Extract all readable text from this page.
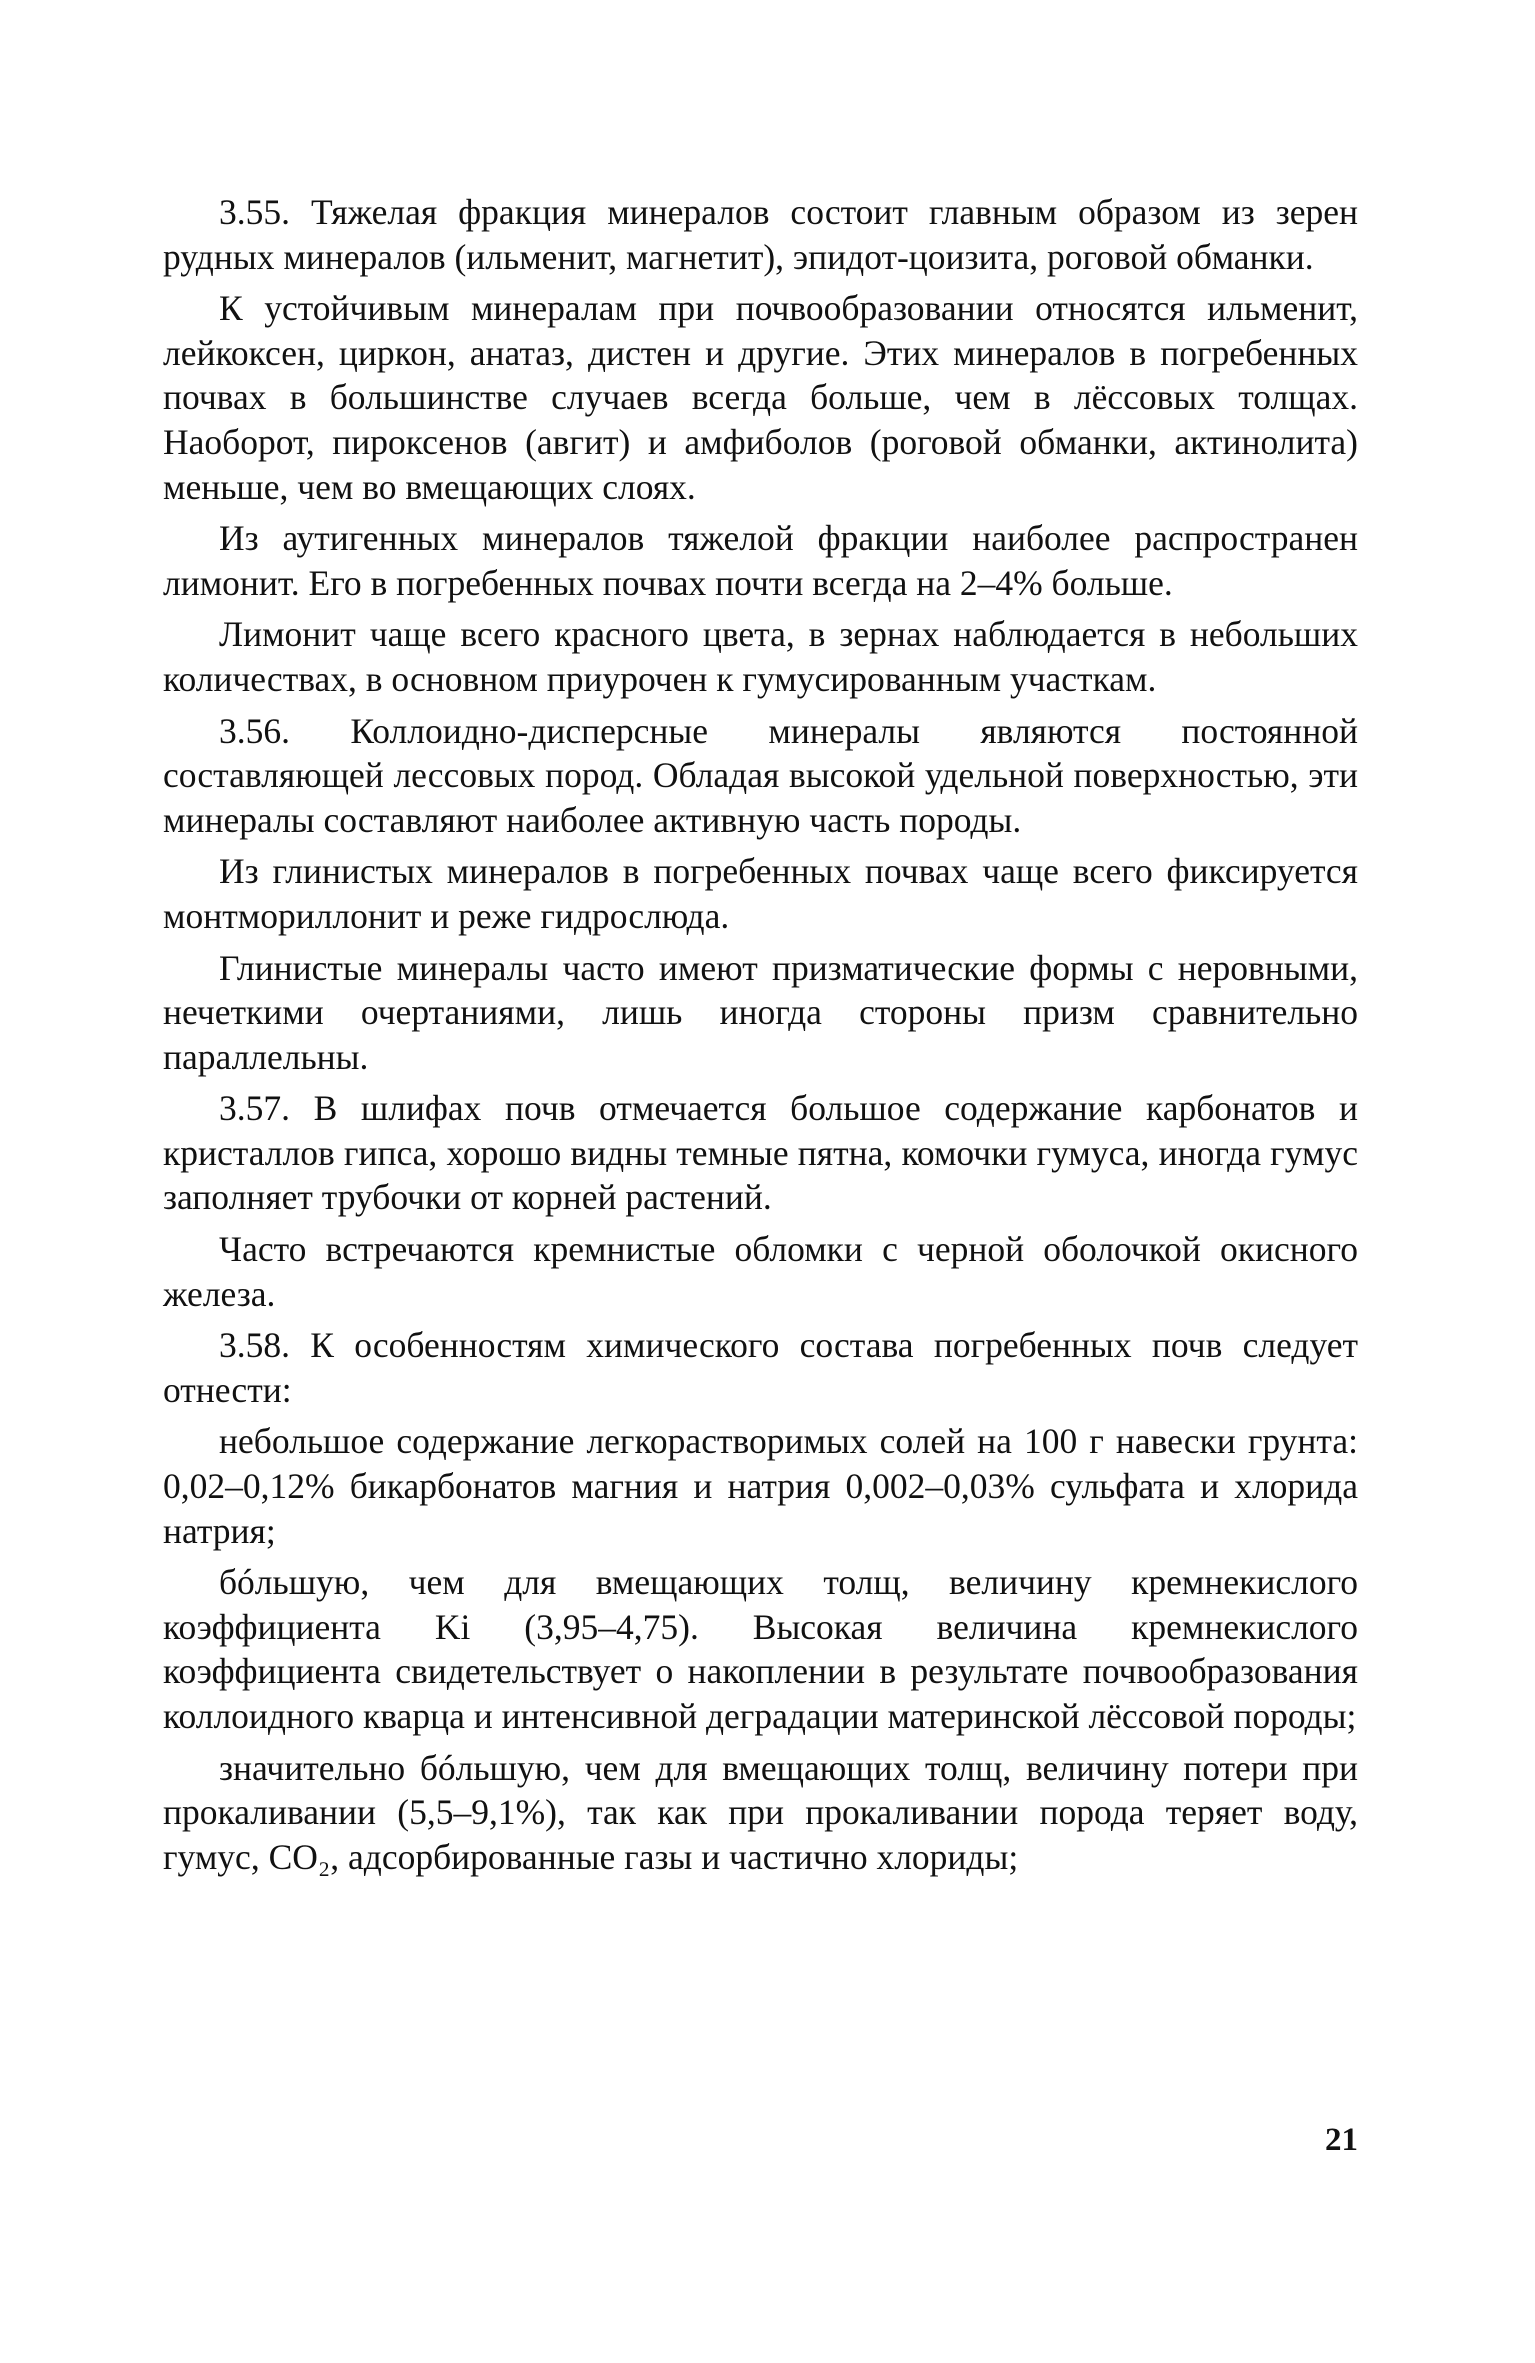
3.55. Тяжелая фракция минералов состоит главным образом из зерен рудных минералов (ильменит, магнетит), эпидот-цоизита, роговой обманки.

К устойчивым минералам при почвообразовании относятся ильменит, лейкоксен, циркон, анатаз, дистен и другие. Этих минералов в погребенных почвах в большинстве случаев всегда больше, чем в лёссовых толщах. Наоборот, пироксенов (авгит) и амфиболов (роговой обманки, актинолита) меньше, чем во вмещающих слоях.

Из аутигенных минералов тяжелой фракции наиболее распространен лимонит. Его в погребенных почвах почти всегда на 2–4% больше.

Лимонит чаще всего красного цвета, в зернах наблюдается в небольших количествах, в основном приурочен к гумусированным участкам.

3.56. Коллоидно-дисперсные минералы являются постоянной составляющей лессовых пород. Обладая высокой удельной поверхностью, эти минералы составляют наиболее активную часть породы.

Из глинистых минералов в погребенных почвах чаще всего фиксируется монтмориллонит и реже гидрослюда.

Глинистые минералы часто имеют призматические формы с неровными, нечеткими очертаниями, лишь иногда стороны призм сравнительно параллельны.

3.57. В шлифах почв отмечается большое содержание карбонатов и кристаллов гипса, хорошо видны темные пятна, комочки гумуса, иногда гумус заполняет трубочки от корней растений.

Часто встречаются кремнистые обломки с черной оболочкой окисного железа.

3.58. К особенностям химического состава погребенных почв следует отнести:

небольшое содержание легкорастворимых солей на 100 г навески грунта: 0,02–0,12% бикарбонатов магния и натрия 0,002–0,03% сульфата и хлорида натрия;

бóльшую, чем для вмещающих толщ, величину кремнекислого коэффициента Ki (3,95–4,75). Высокая величина кремнекислого коэффициента свидетельствует о накоплении в результате почвообразования коллоидного кварца и интенсивной деградации материнской лёссовой породы;

значительно бóльшую, чем для вмещающих толщ, величину потери при прокаливании (5,5–9,1%), так как при прокаливании порода теряет воду, гумус, CO₂, адсорбированные газы и частично хлориды;

21
